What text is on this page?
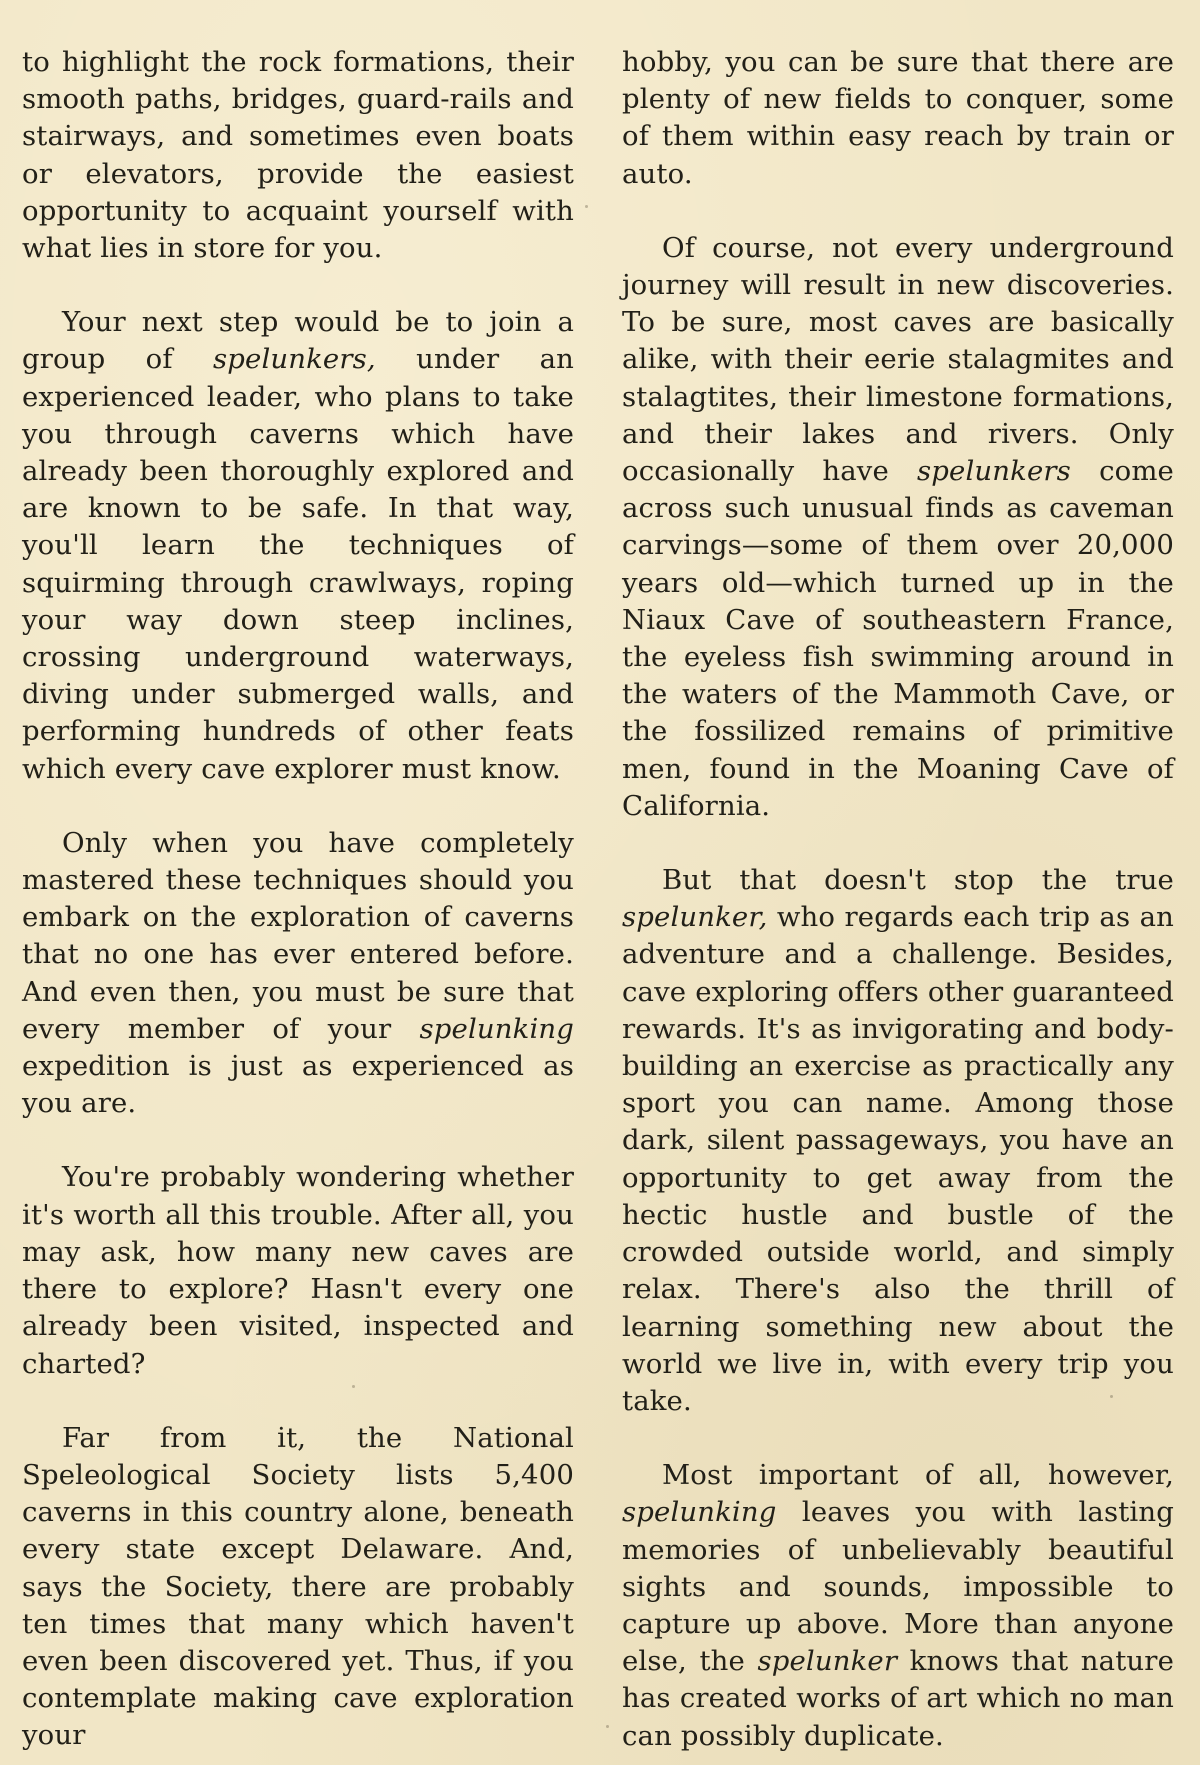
to highlight the rock formations, their smooth paths, bridges, guard-rails and stairways, and sometimes even boats or elevators, provide the easiest opportunity to acquaint yourself with what lies in store for you.

Your next step would be to join a group of spelunkers, under an experienced leader, who plans to take you through caverns which have already been thoroughly explored and are known to be safe. In that way, you'll learn the techniques of squirming through crawlways, roping your way down steep inclines, crossing underground waterways, diving under submerged walls, and performing hundreds of other feats which every cave explorer must know.

Only when you have completely mastered these techniques should you embark on the exploration of caverns that no one has ever entered before. And even then, you must be sure that every member of your spelunking expedition is just as experienced as you are.

You're probably wondering whether it's worth all this trouble. After all, you may ask, how many new caves are there to explore? Hasn't every one already been visited, inspected and charted?

Far from it, the National Speleological Society lists 5,400 caverns in this country alone, beneath every state except Delaware. And, says the Society, there are probably ten times that many which haven't even been discovered yet. Thus, if you contemplate making cave exploration your

hobby, you can be sure that there are plenty of new fields to conquer, some of them within easy reach by train or auto.

Of course, not every underground journey will result in new discoveries. To be sure, most caves are basically alike, with their eerie stalagmites and stalagtites, their limestone formations, and their lakes and rivers. Only occasionally have spelunkers come across such unusual finds as caveman carvings—some of them over 20,000 years old—which turned up in the Niaux Cave of southeastern France, the eyeless fish swimming around in the waters of the Mammoth Cave, or the fossilized remains of primitive men, found in the Moaning Cave of California.

But that doesn't stop the true spelunker, who regards each trip as an adventure and a challenge. Besides, cave exploring offers other guaranteed rewards. It's as invigorating and body-building an exercise as practically any sport you can name. Among those dark, silent passageways, you have an opportunity to get away from the hectic hustle and bustle of the crowded outside world, and simply relax. There's also the thrill of learning something new about the world we live in, with every trip you take.

Most important of all, however, spelunking leaves you with lasting memories of unbelievably beautiful sights and sounds, impossible to capture up above. More than anyone else, the spelunker knows that nature has created works of art which no man can possibly duplicate.
